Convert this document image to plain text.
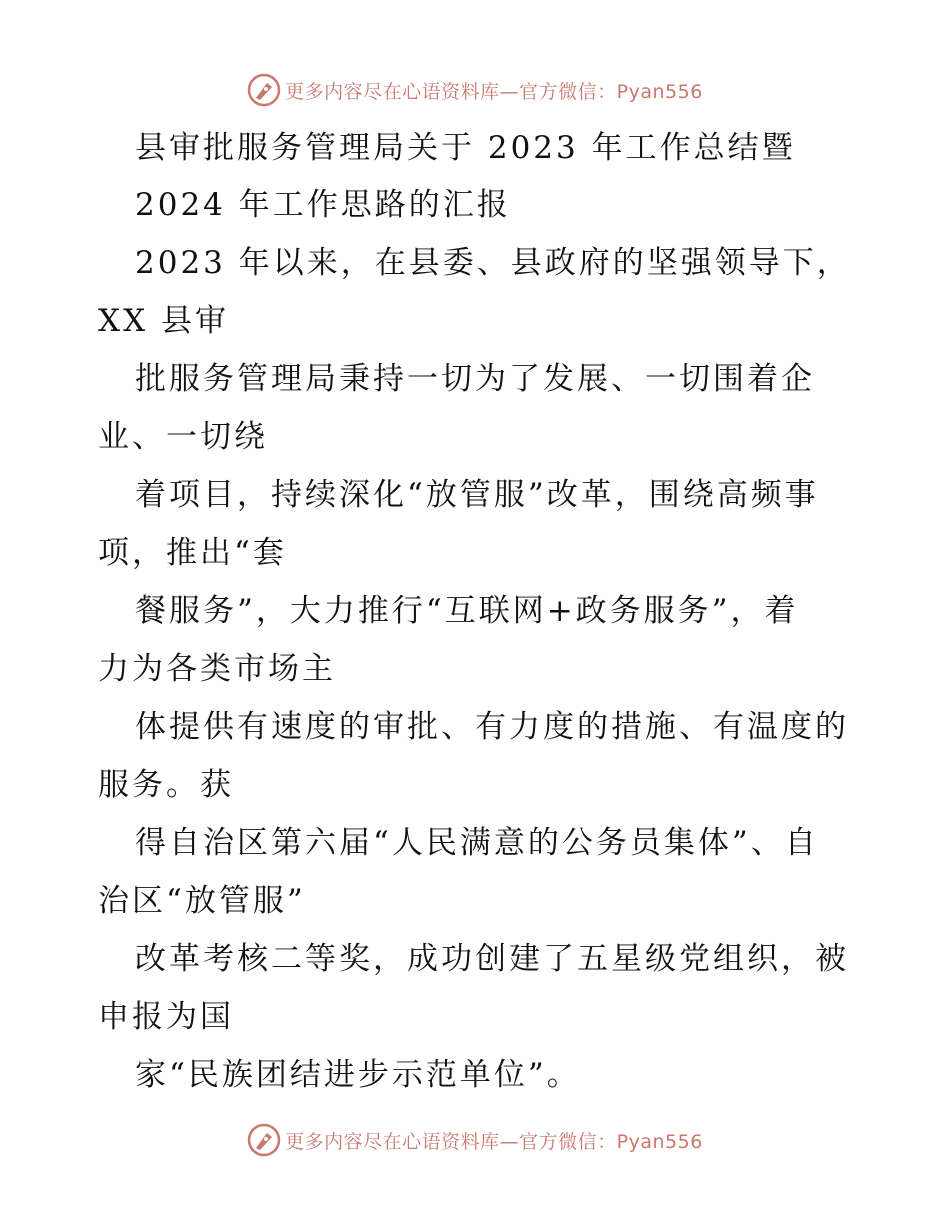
更多内容尽在心语资料库—官方微信：Pyan556
县审批服务管理局关于 2023 年工作总结暨
2024 年工作思路的汇报
2023 年以来，在县委、县政府的坚强领导下，
XX 县审
批服务管理局秉持一切为了发展、一切围着企
业、一切绕
着项目，持续深化“放管服”改革，围绕高频事
项，推出“套
餐服务”，大力推行“互联网+政务服务”，着
力为各类市场主
体提供有速度的审批、有力度的措施、有温度的
服务。获
得自治区第六届“人民满意的公务员集体”、自
治区“放管服”
改革考核二等奖，成功创建了五星级党组织，被
申报为国
家“民族团结进步示范单位”。
更多内容尽在心语资料库—官方微信：Pyan556
